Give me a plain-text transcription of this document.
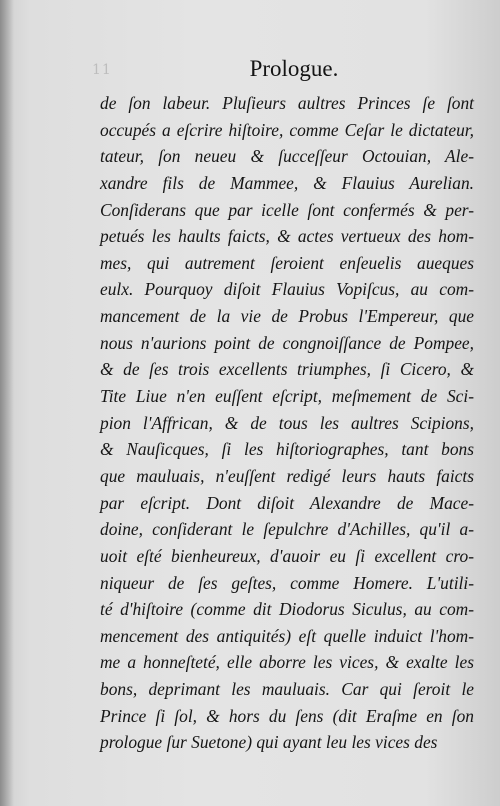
11	Prologue.
de ſon labeur. Pluſieurs aultres Princes ſe ſont
occupés a eſcrire hiſtoire, comme Ceſar le dictateur,
tateur, ſon neueu & ſucceſſeur Octouian, Ale-
xandre fils de Mammee, & Flauius Aurelian.
Conſiderans que par icelle ſont confermés & per-
petués les haults faicts, & actes vertueux des hom-
mes, qui autrement ſeroient enſeuelis aueques
eulx. Pourquoy diſoit Flauius Vopiſcus, au com-
mancement de la vie de Probus l'Empereur, que
nous n'aurions point de congnoiſſance de Pompee,
& de ſes trois excellents triumphes, ſi Cicero, &
Tite Liue n'en euſſent eſcript, meſmement de Sci-
pion l'Affrican, & de tous les aultres Scipions,
& Nauſicques, ſi les hiſtoriographes, tant bons
que mauluais, n'euſſent redigé leurs hauts faicts
par eſcript. Dont diſoit Alexandre de Mace-
doine, conſiderant le ſepulchre d'Achilles, qu'il a-
uoit eſté bienheureux, d'auoir eu ſi excellent cro-
niqueur de ſes geſtes, comme Homere. L'utili-
té d'hiſtoire (comme dit Diodorus Siculus, au com-
mencement des antiquités) eſt quelle induict l'hom-
me a honneſteté, elle aborre les vices, & exalte les
bons, deprimant les mauluais. Car qui ſeroit le
Prince ſi ſol, & hors du ſens (dit Eraſme en ſon
prologue ſur Suetone) qui ayant leu les vices des
